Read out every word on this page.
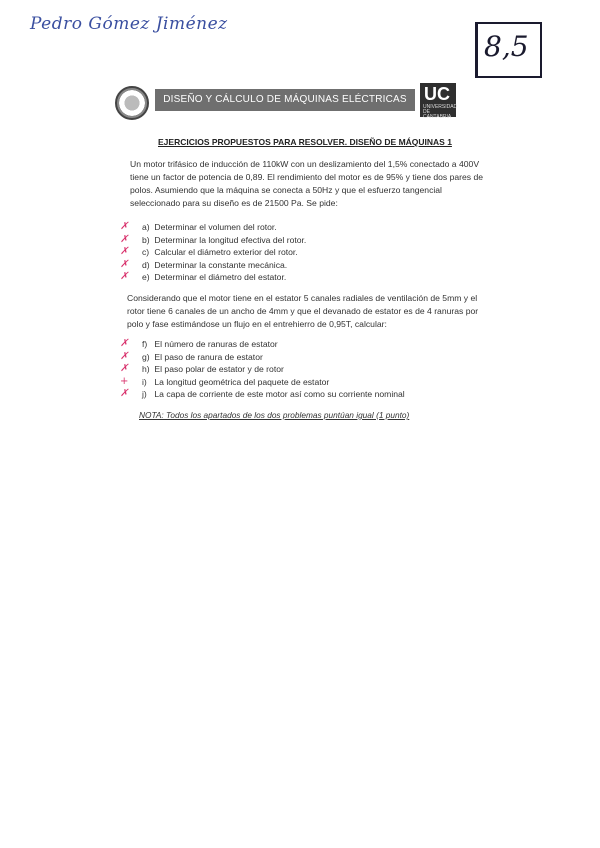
Pedro Gómez Jiménez
8,5
DISEÑO Y CÁLCULO DE MÁQUINAS ELÉCTRICAS UC
UNIVERSIDAD DE CANTABRIA
EJERCICIOS PROPUESTOS PARA RESOLVER. DISEÑO DE MÁQUINAS 1
Un motor trifásico de inducción de 110kW con un deslizamiento del 1,5% conectado a 400V tiene un factor de potencia de 0,89. El rendimiento del motor es de 95% y tiene dos pares de polos. Asumiendo que la máquina se conecta a 50Hz y que el esfuerzo tangencial seleccionado para su diseño es de 21500 Pa. Se pide:
✗ a) Determinar el volumen del rotor.
✗ b) Determinar la longitud efectiva del rotor.
✗ c) Calcular el diámetro exterior del rotor.
✗ d) Determinar la constante mecánica.
✗ e) Determinar el diámetro del estator.
Considerando que el motor tiene en el estator 5 canales radiales de ventilación de 5mm y el rotor tiene 6 canales de un ancho de 4mm y que el devanado de estator es de 4 ranuras por polo y fase estimándose un flujo en el entrehierro de 0,95T, calcular:
✗ f) El número de ranuras de estator
✗ g) El paso de ranura de estator
✗ h) El paso polar de estator y de rotor
+ i) La longitud geométrica del paquete de estator
✗ j) La capa de corriente de este motor así como su corriente nominal
NOTA: Todos los apartados de los dos problemas puntúan igual (1 punto)
